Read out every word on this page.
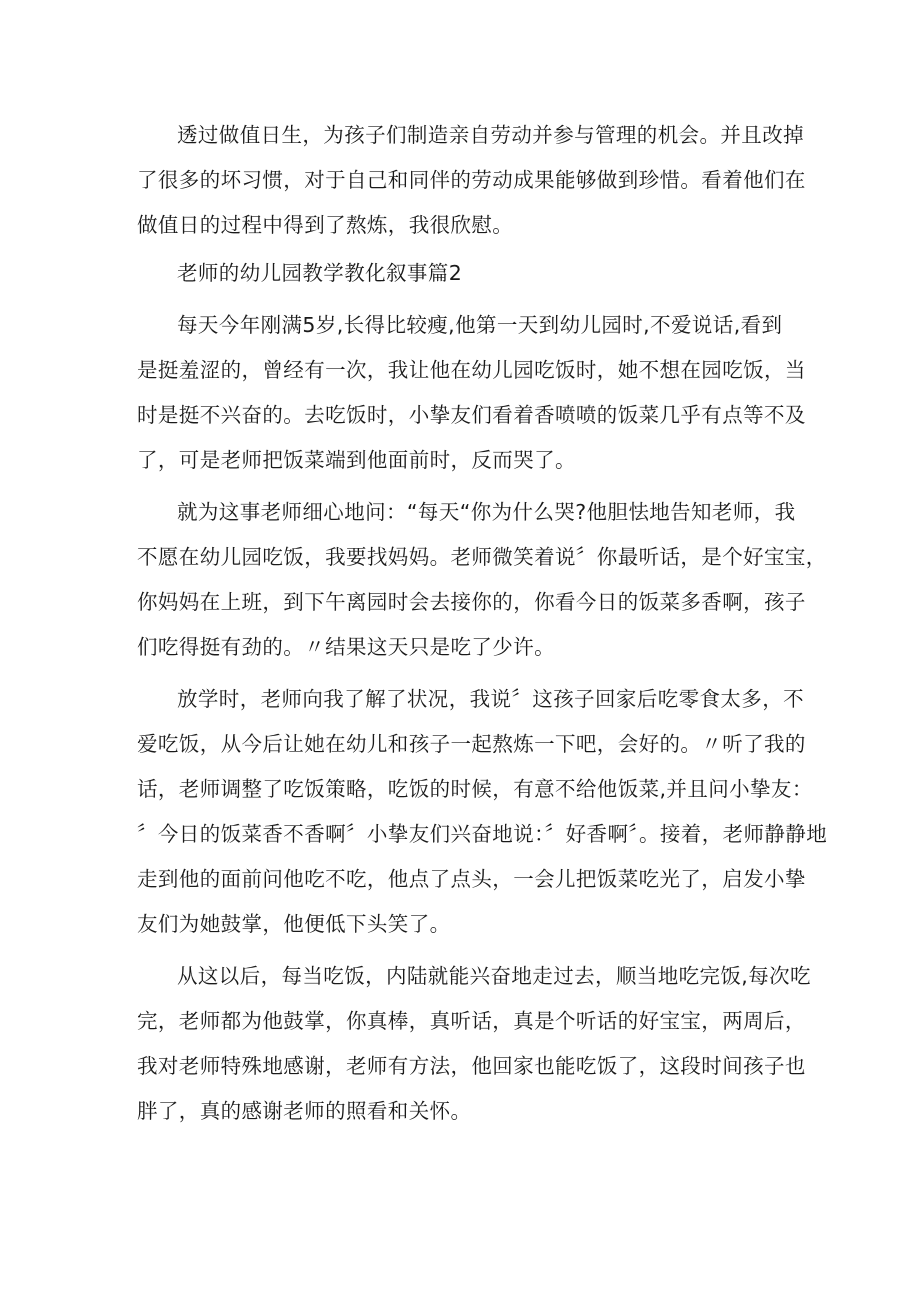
透过做值日生，为孩子们制造亲自劳动并参与管理的机会。并且改掉
了很多的坏习惯，对于自己和同伴的劳动成果能够做到珍惜。看着他们在
做值日的过程中得到了熬炼，我很欣慰。

老师的幼儿园教学教化叙事篇2

每天今年刚满5岁,长得比较瘦,他第一天到幼儿园时,不爱说话,看到
是挺羞涩的，曾经有一次，我让他在幼儿园吃饭时，她不想在园吃饭，当
时是挺不兴奋的。去吃饭时，小挚友们看着香喷喷的饭菜几乎有点等不及
了，可是老师把饭菜端到他面前时，反而哭了。

就为这事老师细心地问：“每天“你为什么哭?他胆怯地告知老师，我
不愿在幼儿园吃饭，我要找妈妈。老师微笑着说〞你最听话，是个好宝宝，
你妈妈在上班，到下午离园时会去接你的，你看今日的饭菜多香啊，孩子
们吃得挺有劲的。〃结果这天只是吃了少许。

放学时，老师向我了解了状况，我说〞这孩子回家后吃零食太多，不
爱吃饭，从今后让她在幼儿和孩子一起熬炼一下吧，会好的。〃听了我的
话，老师调整了吃饭策略，吃饭的时候，有意不给他饭菜,并且问小挚友：
〞今日的饭菜香不香啊〞小挚友们兴奋地说：〞好香啊〞。接着，老师静静地
走到他的面前问他吃不吃，他点了点头，一会儿把饭菜吃光了，启发小挚
友们为她鼓掌，他便低下头笑了。

从这以后，每当吃饭，内陆就能兴奋地走过去，顺当地吃完饭,每次吃
完，老师都为他鼓掌，你真棒，真听话，真是个听话的好宝宝，两周后，
我对老师特殊地感谢，老师有方法，他回家也能吃饭了，这段时间孩子也
胖了，真的感谢老师的照看和关怀。
